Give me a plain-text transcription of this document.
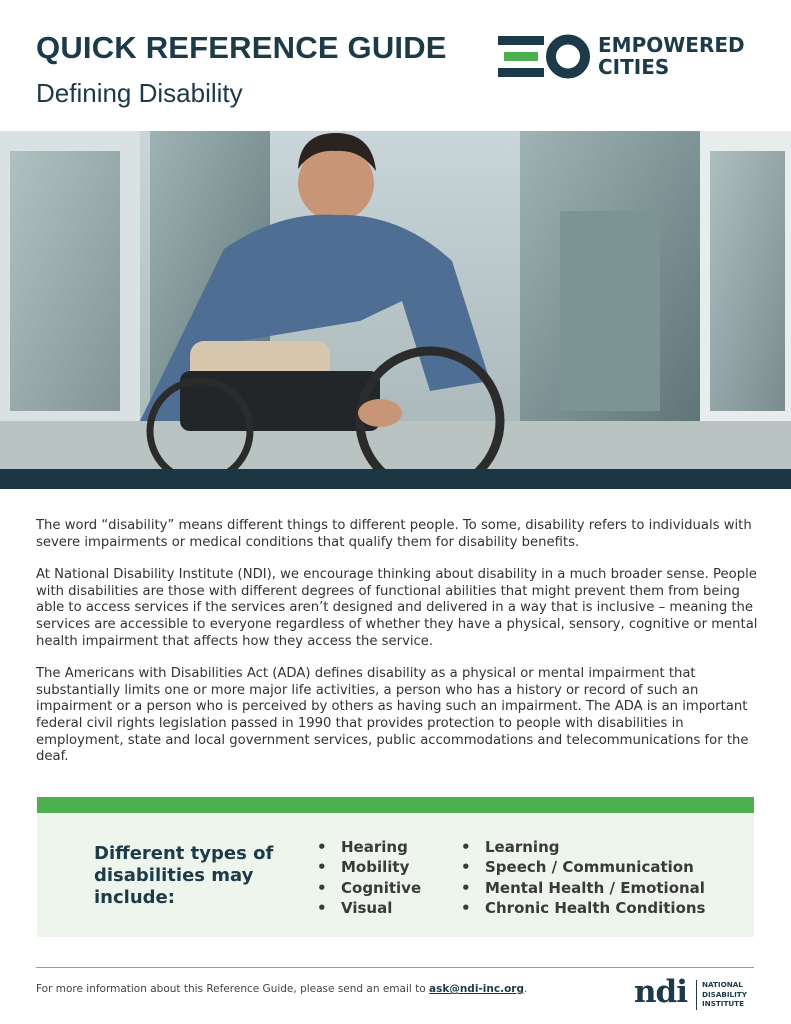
QUICK REFERENCE GUIDE
Defining Disability
EMPOWERED
CITIES

The word “disability” means different things to different people. To some, disability refers to individuals with severe impairments or medical conditions that qualify them for disability benefits.

At National Disability Institute (NDI), we encourage thinking about disability in a much broader sense. People with disabilities are those with different degrees of functional abilities that might prevent them from being able to access services if the services aren’t designed and delivered in a way that is inclusive – meaning the services are accessible to everyone regardless of whether they have a physical, sensory, cognitive or mental health impairment that affects how they access the service.

The Americans with Disabilities Act (ADA) defines disability as a physical or mental impairment that substantially limits one or more major life activities, a person who has a history or record of such an impairment or a person who is perceived by others as having such an impairment. The ADA is an important federal civil rights legislation passed in 1990 that provides protection to people with disabilities in employment, state and local government services, public accommodations and telecommunications for the deaf.

Different types of disabilities may include:

• Hearing
• Mobility
• Cognitive
• Visual
• Learning
• Speech / Communication
• Mental Health / Emotional
• Chronic Health Conditions
For more information about this Reference Guide, please send an email to ask@ndi-inc.org.	ndi NATIONAL
DISABILITY
INSTITUTE
